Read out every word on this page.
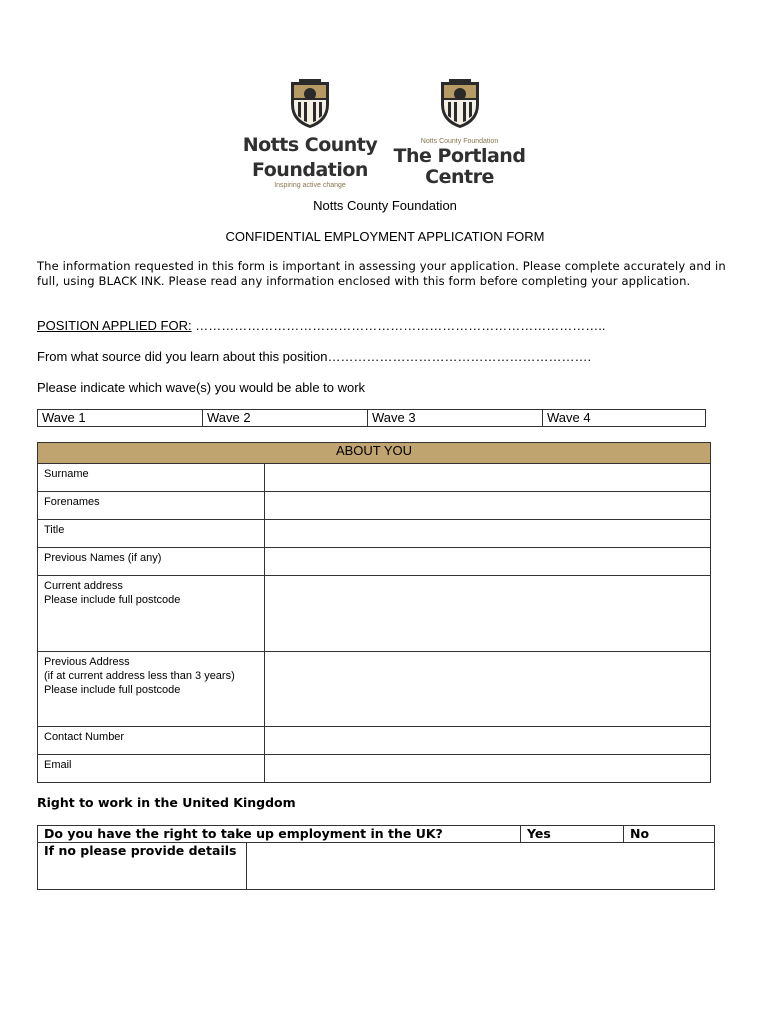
Notts County
Foundation
Inspiring active change
Notts County Foundation
The Portland
Centre
Notts County Foundation
CONFIDENTIAL EMPLOYMENT APPLICATION FORM
The information requested in this form is important in assessing your application. Please complete accurately and in full, using BLACK INK. Please read any information enclosed with this form before completing your application.
POSITION APPLIED FOR: …………………………………………………………………………………..
From what source did you learn about this position…………………………………………………….
Please indicate which wave(s) you would be able to work
Wave 1	Wave 2	Wave 3	Wave 4
ABOUT YOU	
Surname	
Forenames	
Title	
Previous Names (if any)	

Current address
Please include full postcode	

Previous Address
(if at current address less than 3 years)
Please include full postcode	

Contact Number	
Email	
Right to work in the United Kingdom
Do you have the right to take up employment in the UK?		Yes	No
If no please provide details			
